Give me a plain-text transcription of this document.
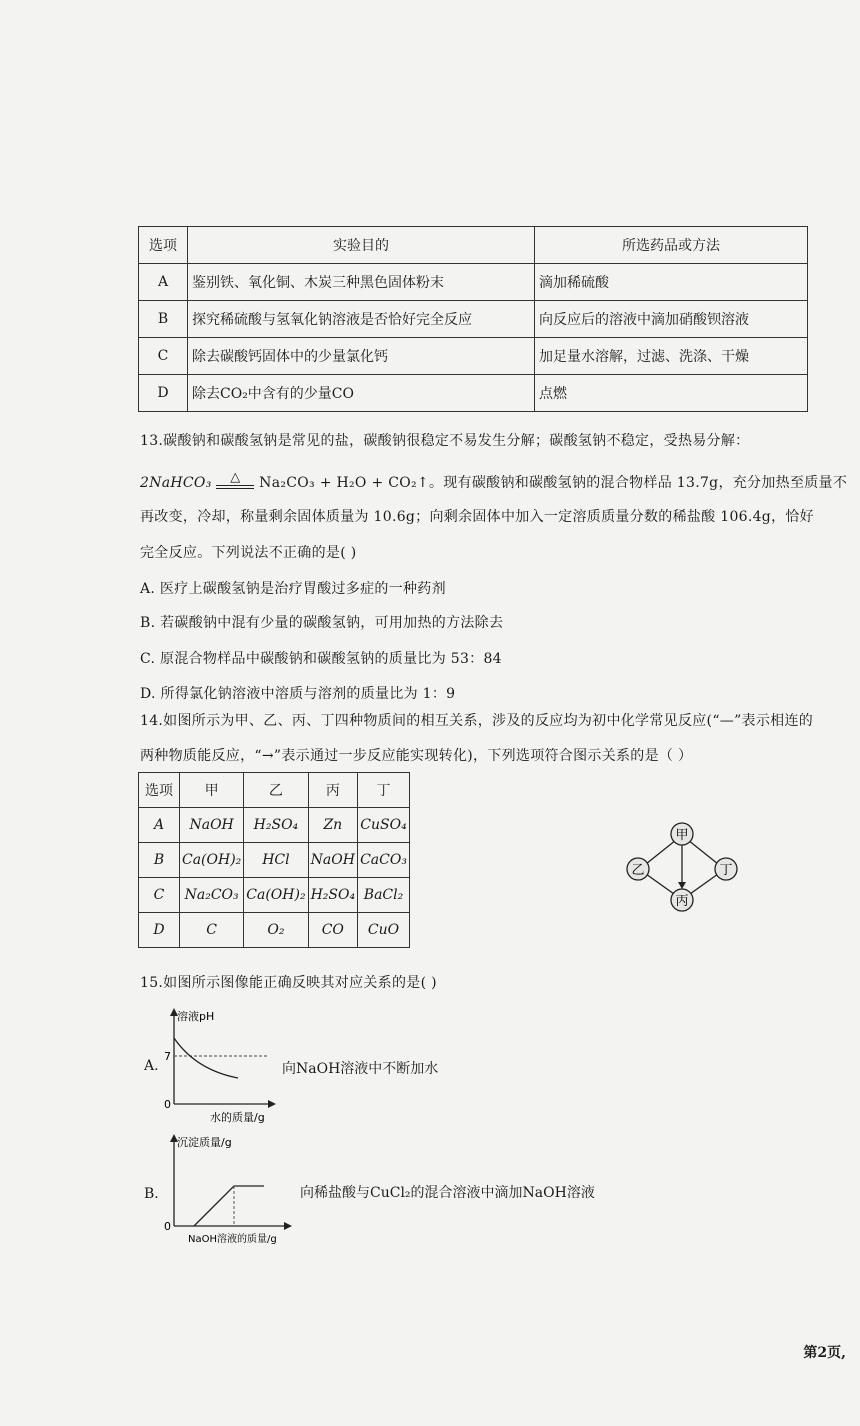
选项	实验目的	所选药品或方法
A	鉴别铁、氧化铜、木炭三种黑色固体粉末	滴加稀硫酸
B	探究稀硫酸与氢氧化钠溶液是否恰好完全反应	向反应后的溶液中滴加硝酸钡溶液
C	除去碳酸钙固体中的少量氯化钙	加足量水溶解，过滤、洗涤、干燥
D	除去CO₂中含有的少量CO	点燃
13.碳酸钠和碳酸氢钠是常见的盐，碳酸钠很稳定不易发生分解；碳酸氢钠不稳定，受热易分解：
2NaHCO₃	△	Na₂CO₃ + H₂O + CO₂↑。现有碳酸钠和碳酸氢钠的混合物样品 13.7g，充分加热至质量不
再改变，冷却，称量剩余固体质量为 10.6g；向剩余固体中加入一定溶质质量分数的稀盐酸 106.4g，恰好
完全反应。下列说法不正确的是( )
A. 医疗上碳酸氢钠是治疗胃酸过多症的一种药剂
B. 若碳酸钠中混有少量的碳酸氢钠，可用加热的方法除去
C. 原混合物样品中碳酸钠和碳酸氢钠的质量比为 53：84
D. 所得氯化钠溶液中溶质与溶剂的质量比为 1：9
14.如图所示为甲、乙、丙、丁四种物质间的相互关系，涉及的反应均为初中化学常见反应(“—”表示相连的
两种物质能反应，“→”表示通过一步反应能实现转化)，下列选项符合图示关系的是（ ）
选项	甲	乙	丙	丁
A	NaOH	H₂SO₄	Zn	CuSO₄
B	Ca(OH)₂	HCl	NaOH	CaCO₃
C	Na₂CO₃	Ca(OH)₂	H₂SO₄	BaCl₂
D	C	O₂	CO	CuO
甲
乙	丁
丙
15.如图所示图像能正确反映其对应关系的是( )
A.
溶液pH
7
0
水的质量/g
向NaOH溶液中不断加水
B.
沉淀质量/g
0
NaOH溶液的质量/g
向稀盐酸与CuCl₂的混合溶液中滴加NaOH溶液
第2页,
